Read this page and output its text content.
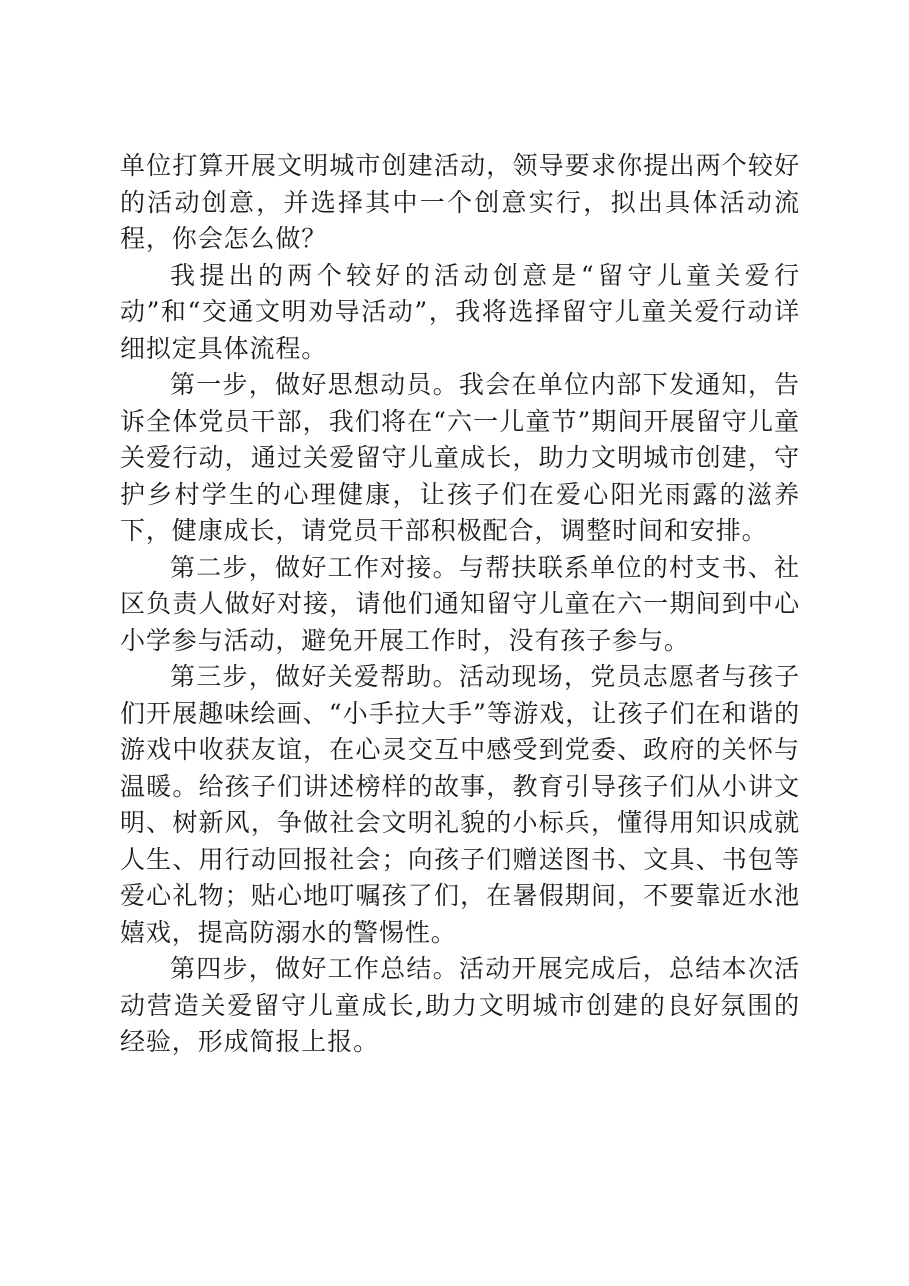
单位打算开展文明城市创建活动，领导要求你提出两个较好的活动创意，并选择其中一个创意实行，拟出具体活动流程，你会怎么做？

我提出的两个较好的活动创意是“留守儿童关爱行动”和“交通文明劝导活动”，我将选择留守儿童关爱行动详细拟定具体流程。

第一步，做好思想动员。我会在单位内部下发通知，告诉全体党员干部，我们将在“六一儿童节”期间开展留守儿童关爱行动，通过关爱留守儿童成长，助力文明城市创建，守护乡村学生的心理健康，让孩子们在爱心阳光雨露的滋养下，健康成长，请党员干部积极配合，调整时间和安排。

第二步，做好工作对接。与帮扶联系单位的村支书、社区负责人做好对接，请他们通知留守儿童在六一期间到中心小学参与活动，避免开展工作时，没有孩子参与。

第三步，做好关爱帮助。活动现场，党员志愿者与孩子们开展趣味绘画、“小手拉大手”等游戏，让孩子们在和谐的游戏中收获友谊，在心灵交互中感受到党委、政府的关怀与温暖。给孩子们讲述榜样的故事，教育引导孩子们从小讲文明、树新风，争做社会文明礼貌的小标兵，懂得用知识成就人生、用行动回报社会；向孩子们赠送图书、文具、书包等爱心礼物；贴心地叮嘱孩了们，在暑假期间，不要靠近水池嬉戏，提高防溺水的警惕性。

第四步，做好工作总结。活动开展完成后，总结本次活动营造关爱留守儿童成长,助力文明城市创建的良好氛围的经验，形成简报上报。
